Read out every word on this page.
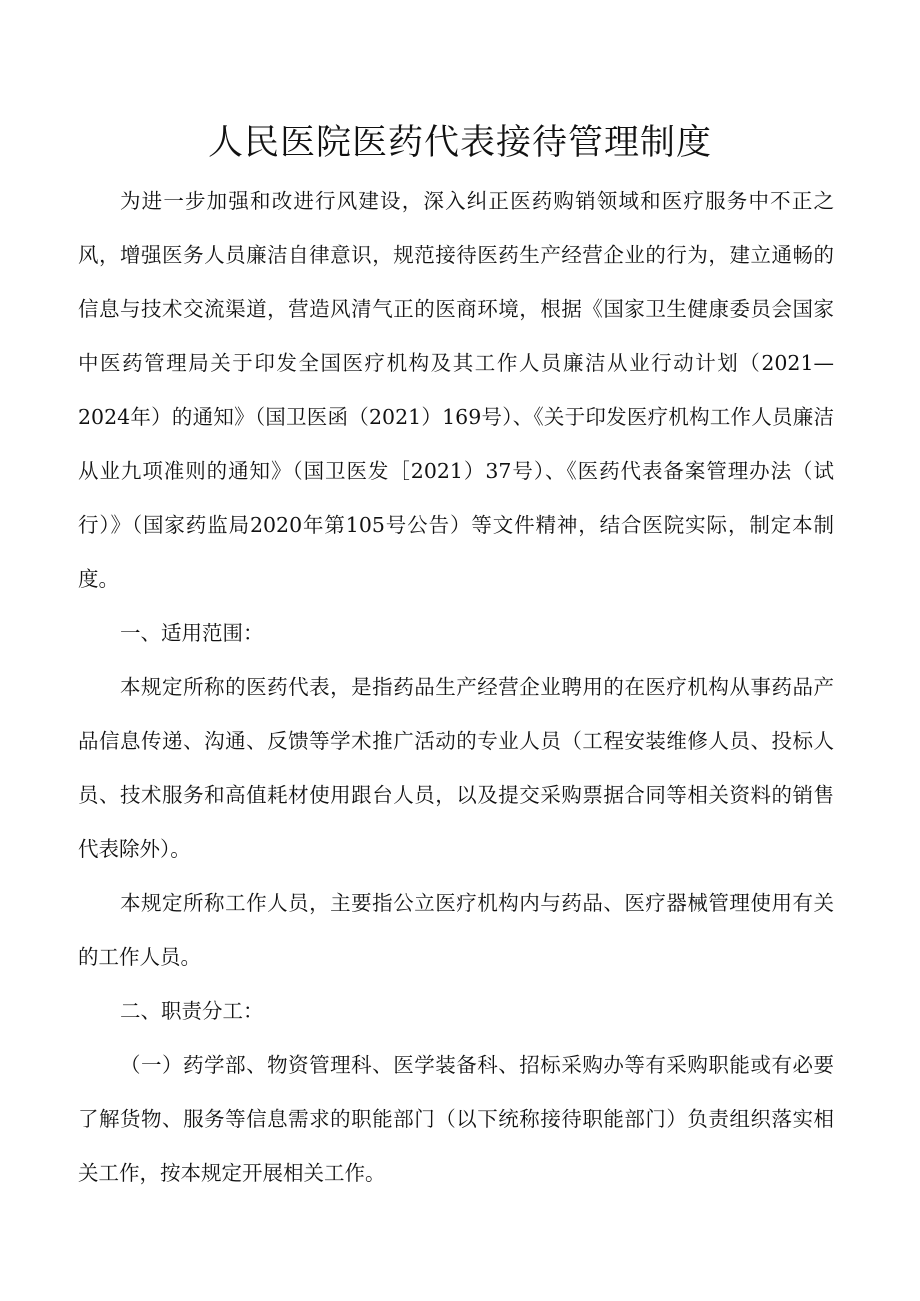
人民医院医药代表接待管理制度

为进一步加强和改进行风建设，深入纠正医药购销领域和医疗服务中不正之风，增强医务人员廉洁自律意识，规范接待医药生产经营企业的行为，建立通畅的信息与技术交流渠道，营造风清气正的医商环境，根据《国家卫生健康委员会国家中医药管理局关于印发全国医疗机构及其工作人员廉洁从业行动计划（2021—2024年）的通知》（国卫医函（2021）169号）、《关于印发医疗机构工作人员廉洁从业九项准则的通知》（国卫医发［2021）37号）、《医药代表备案管理办法（试行）》（国家药监局2020年第105号公告）等文件精神，结合医院实际，制定本制度。

一、适用范围：

本规定所称的医药代表，是指药品生产经营企业聘用的在医疗机构从事药品产品信息传递、沟通、反馈等学术推广活动的专业人员（工程安装维修人员、投标人员、技术服务和高值耗材使用跟台人员，以及提交采购票据合同等相关资料的销售代表除外）。

本规定所称工作人员，主要指公立医疗机构内与药品、医疗器械管理使用有关的工作人员。

二、职责分工：

（一）药学部、物资管理科、医学装备科、招标采购办等有采购职能或有必要了解货物、服务等信息需求的职能部门（以下统称接待职能部门）负责组织落实相关工作，按本规定开展相关工作。
